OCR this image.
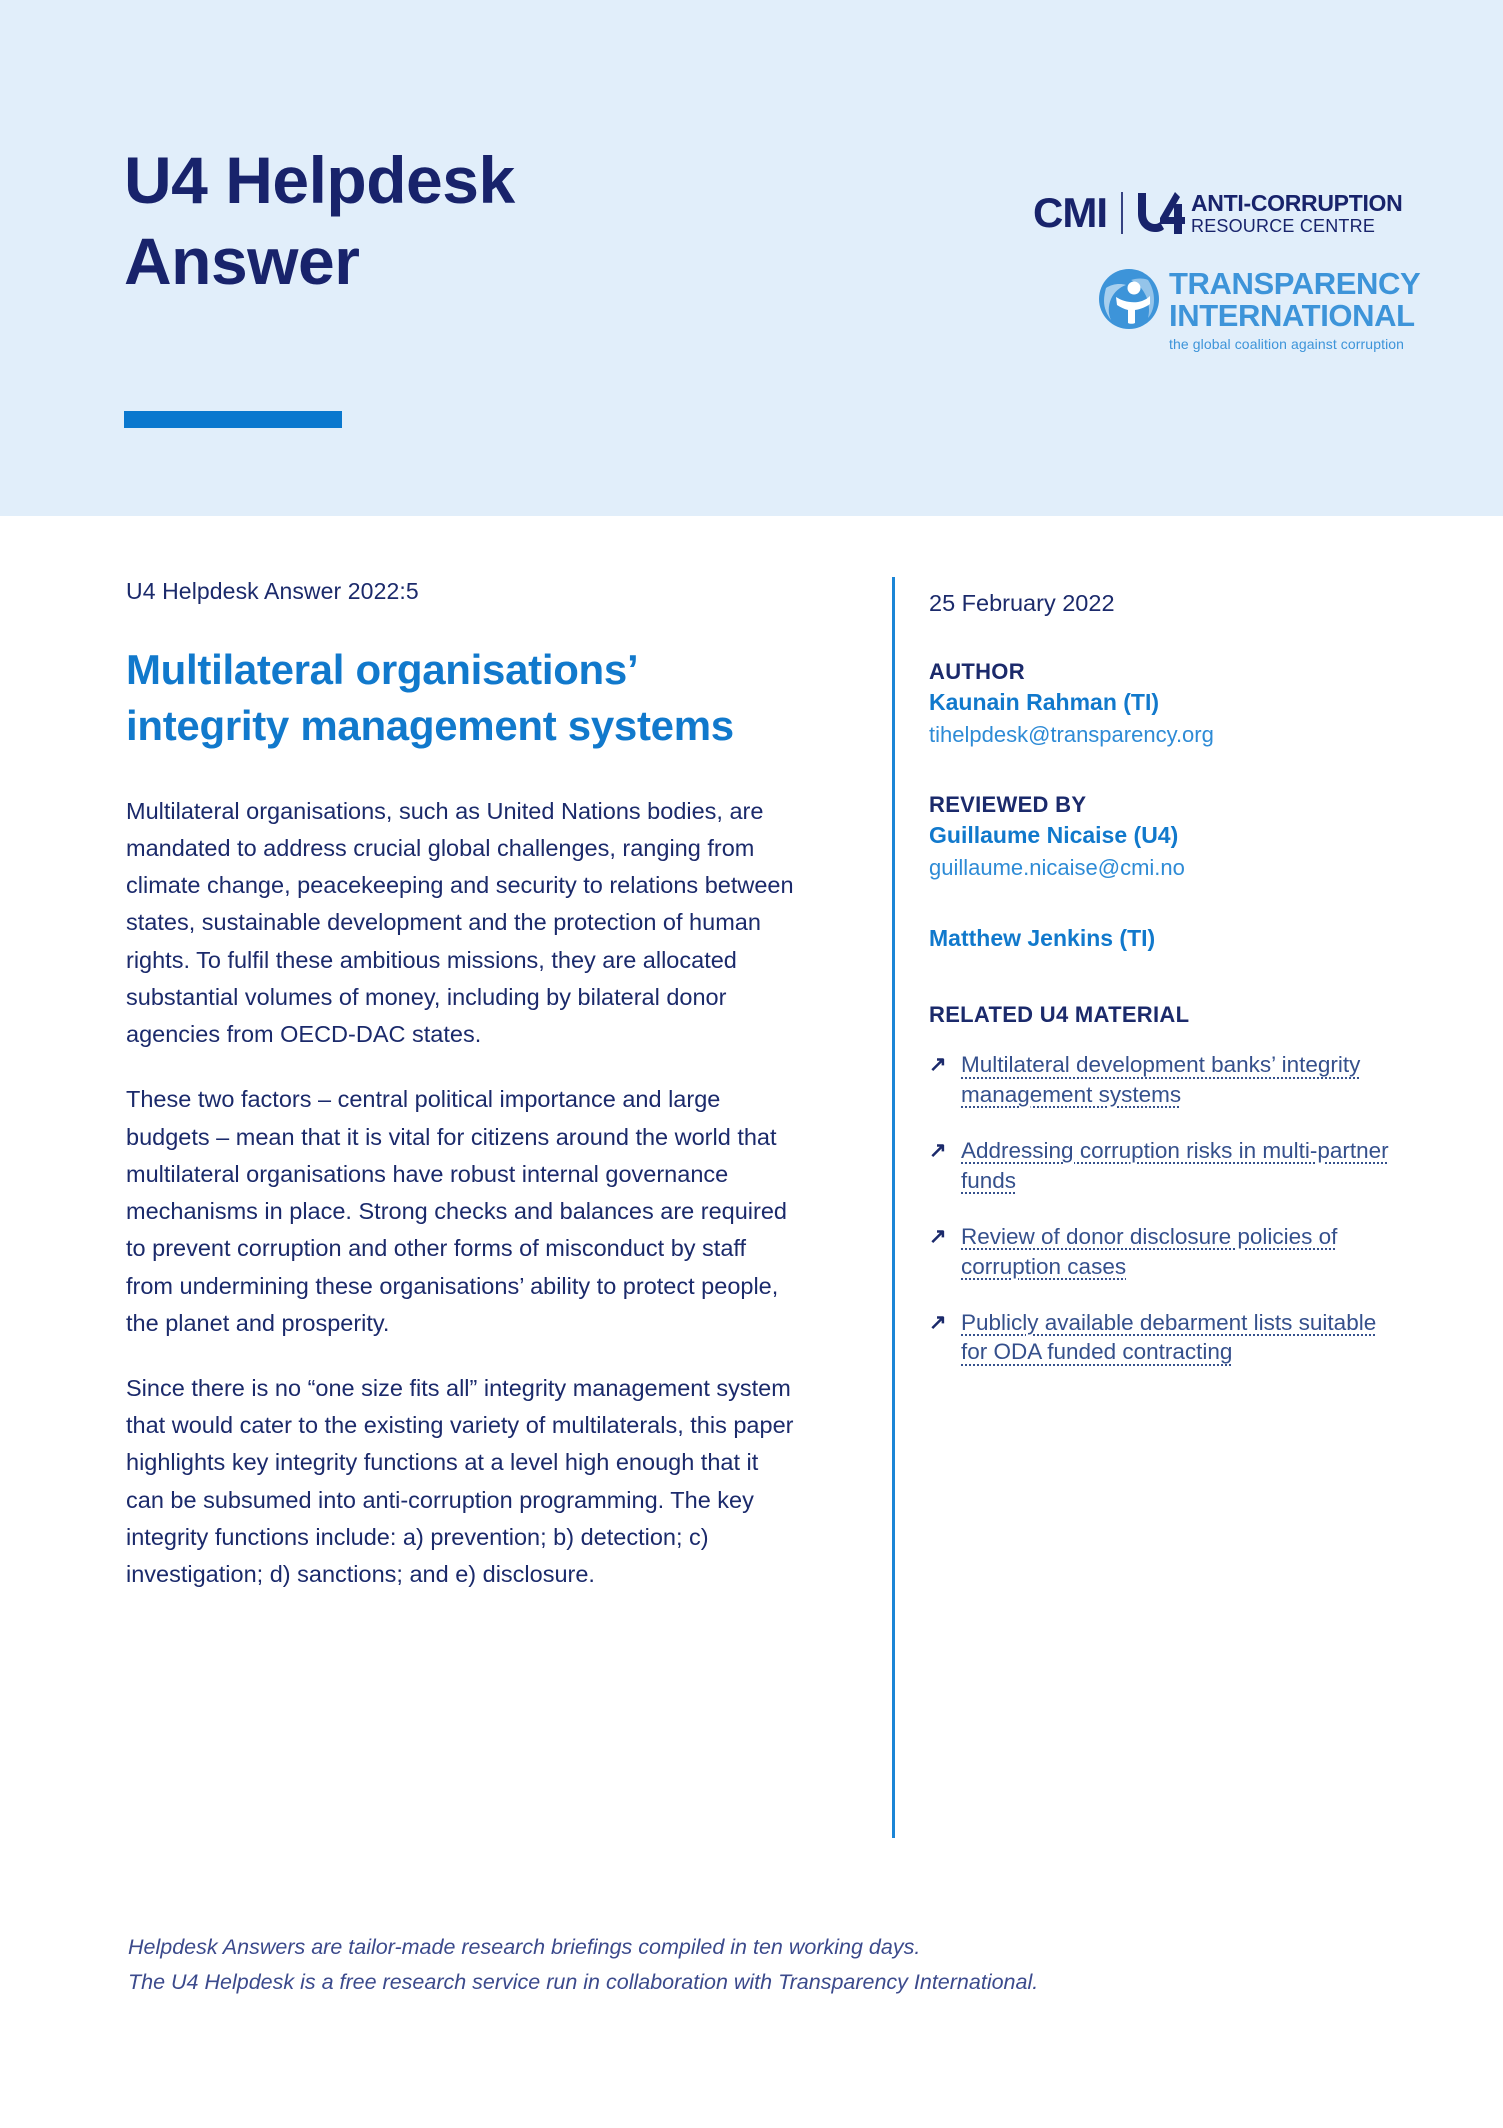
U4 Helpdesk
Answer
CMI	ANTI-CORRUPTION
RESOURCE CENTRE
TRANSPARENCY
INTERNATIONAL
the global coalition against corruption

U4 Helpdesk Answer 2022:5

Multilateral organisations’ integrity management systems

Multilateral organisations, such as United Nations bodies, are mandated to address crucial global challenges, ranging from climate change, peacekeeping and security to relations between states, sustainable development and the protection of human rights. To fulfil these ambitious missions, they are allocated substantial volumes of money, including by bilateral donor agencies from OECD-DAC states.

These two factors – central political importance and large budgets – mean that it is vital for citizens around the world that multilateral organisations have robust internal governance mechanisms in place. Strong checks and balances are required to prevent corruption and other forms of misconduct by staff from undermining these organisations’ ability to protect people, the planet and prosperity.

Since there is no “one size fits all” integrity management system that would cater to the existing variety of multilaterals, this paper highlights key integrity functions at a level high enough that it can be subsumed into anti-corruption programming. The key integrity functions include: a) prevention; b) detection; c) investigation; d) sanctions; and e) disclosure.

25 February 2022

AUTHOR

Kaunain Rahman (TI)

tihelpdesk@transparency.org

REVIEWED BY

Guillaume Nicaise (U4)

guillaume.nicaise@cmi.no

Matthew Jenkins (TI)

RELATED U4 MATERIAL

↗ Multilateral development banks’ integrity management systems
↗ Addressing corruption risks in multi-partner funds
↗ Review of donor disclosure policies of corruption cases
↗ Publicly available debarment lists suitable for ODA funded contracting
Helpdesk Answers are tailor-made research briefings compiled in ten working days.
The U4 Helpdesk is a free research service run in collaboration with Transparency International.
